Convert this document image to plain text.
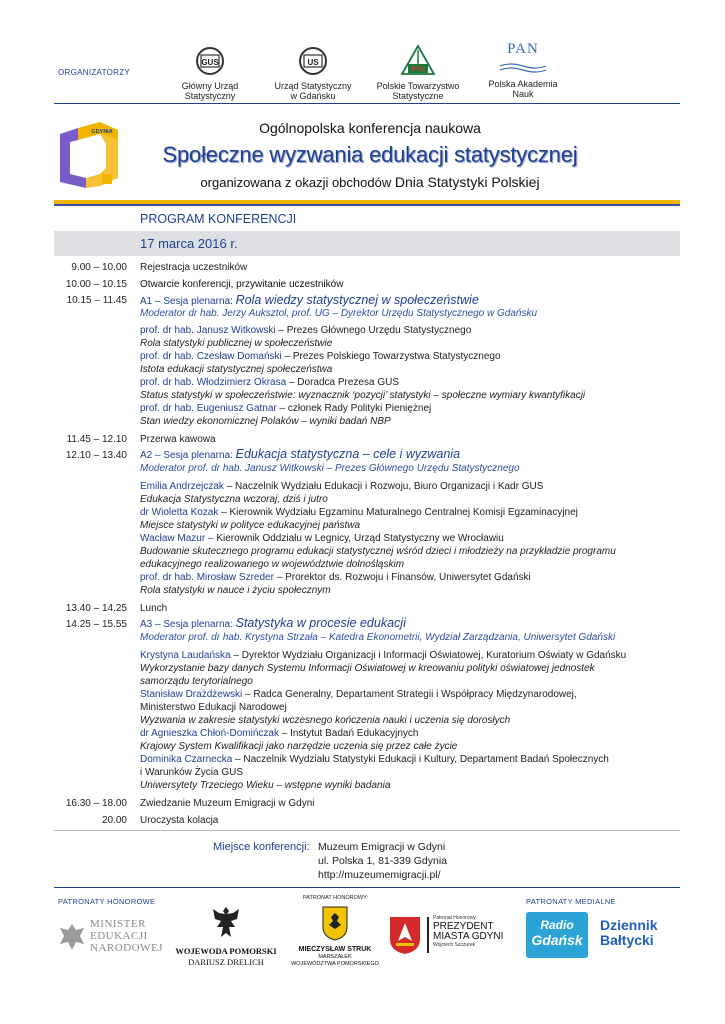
ORGANIZATORZY
GUS
Główny Urząd
Statystyczny
US
Urząd Statystyczny
w Gdańsku
PTS
Polskie Towarzystwo
Statystyczne
PAN
Polska Akademia
Nauk
GDYNIA	Ogólnopolska konferencja naukowa
Społeczne wyzwania edukacji statystycznej
organizowana z okazji obchodów Dnia Statystyki Polskiej
PROGRAM KONFERENCJI
17 marca 2016 r.
9.00 – 10.00 Rejestracja uczestników
10.00 – 10.15 Otwarcie konferencji, przywitanie uczestników
10.15 – 11.45 A1 – Sesja plenarna: Rola wiedzy statystycznej w społeczeństwie
Moderator dr hab. Jerzy Auksztol, prof. UG – Dyrektor Urzędu Statystycznego w Gdańsku
prof. dr hab. Janusz Witkowski – Prezes Głównego Urzędu Statystycznego
Rola statystyki publicznej w społeczeństwie
prof. dr hab. Czesław Domański – Prezes Polskiego Towarzystwa Statystycznego
Istota edukacji statystycznej społeczeństwa
prof. dr hab. Włodzimierz Okrasa – Doradca Prezesa GUS
Status statystyki w społeczeństwie: wyznacznik ‘pozycji’ statystyki – społeczne wymiary kwantyfikacji
prof. dr hab. Eugeniusz Gatnar – członek Rady Polityki Pieniężnej
Stan wiedzy ekonomicznej Polaków – wyniki badań NBP
11.45 – 12.10 Przerwa kawowa
12.10 – 13.40 A2 – Sesja plenarna: Edukacja statystyczna – cele i wyzwania
Moderator prof. dr hab. Janusz Witkowski – Prezes Głównego Urzędu Statystycznego
Emilia Andrzejczak – Naczelnik Wydziału Edukacji i Rozwoju, Biuro Organizacji i Kadr GUS
Edukacja Statystyczna wczoraj, dziś i jutro
dr Wioletta Kozak – Kierownik Wydziału Egzaminu Maturalnego Centralnej Komisji Egzaminacyjnej
Miejsce statystyki w polityce edukacyjnej państwa
Wacław Mazur – Kierownik Oddziału w Legnicy, Urząd Statystyczny we Wrocławiu
Budowanie skutecznego programu edukacji statystycznej wśród dzieci i młodzieży na przykładzie programu
edukacyjnego realizowanego w województwie dolnośląskim
prof. dr hab. Mirosław Szreder – Prorektor ds. Rozwoju i Finansów, Uniwersytet Gdański
Rola statystyki w nauce i życiu społecznym
13.40 – 14.25 Lunch
14.25 – 15.55 A3 – Sesja plenarna: Statystyka w procesie edukacji
Moderator prof. dr hab. Krystyna Strzała – Katedra Ekonometrii, Wydział Zarządzania, Uniwersytet Gdański
Krystyna Laudańska – Dyrektor Wydziału Organizacji i Informacji Oświatowej, Kuratorium Oświaty w Gdańsku
Wykorzystanie bazy danych Systemu Informacji Oświatowej w kreowaniu polityki oświatowej jednostek
samorządu terytorialnego
Stanisław Drażdżewski – Radca Generalny, Departament Strategii i Współpracy Międzynarodowej,
Ministerstwo Edukacji Narodowej
Wyzwania w zakresie statystyki wczesnego kończenia nauki i uczenia się dorosłych
dr Agnieszka Chłoń-Domińczak – Instytut Badań Edukacyjnych
Krajowy System Kwalifikacji jako narzędzie uczenia się przez całe życie
Dominika Czarnecka – Naczelnik Wydziału Statystyki Edukacji i Kultury, Departament Badań Społecznych
i Warunków Życia GUS
Uniwersytety Trzeciego Wieku – wstępne wyniki badania
16.30 – 18.00 Zwiedzanie Muzeum Emigracji w Gdyni
20.00 Uroczysta kolacja
Miejsce konferencji: Muzeum Emigracji w Gdyni
ul. Polska 1, 81-339 Gdynia
http://muzeumemigracji.pl/
PATRONATY HONOROWE	PATRONATY MEDIALNE
PATRONAT HONOROWY:
MINISTER
EDUKACJI
NARODOWEJ	WOJEWODA POMORSKI
DARIUSZ DRELICH
MIECZYSŁAW STRUK
MARSZAŁEK
WOJEWÓDZTWA POMORSKIEGO
Patronat Honorowy
PREZYDENT
MIASTA GDYNI
Wojciech Szczurek
Radio
Gdańsk
Dziennik
Bałtycki
